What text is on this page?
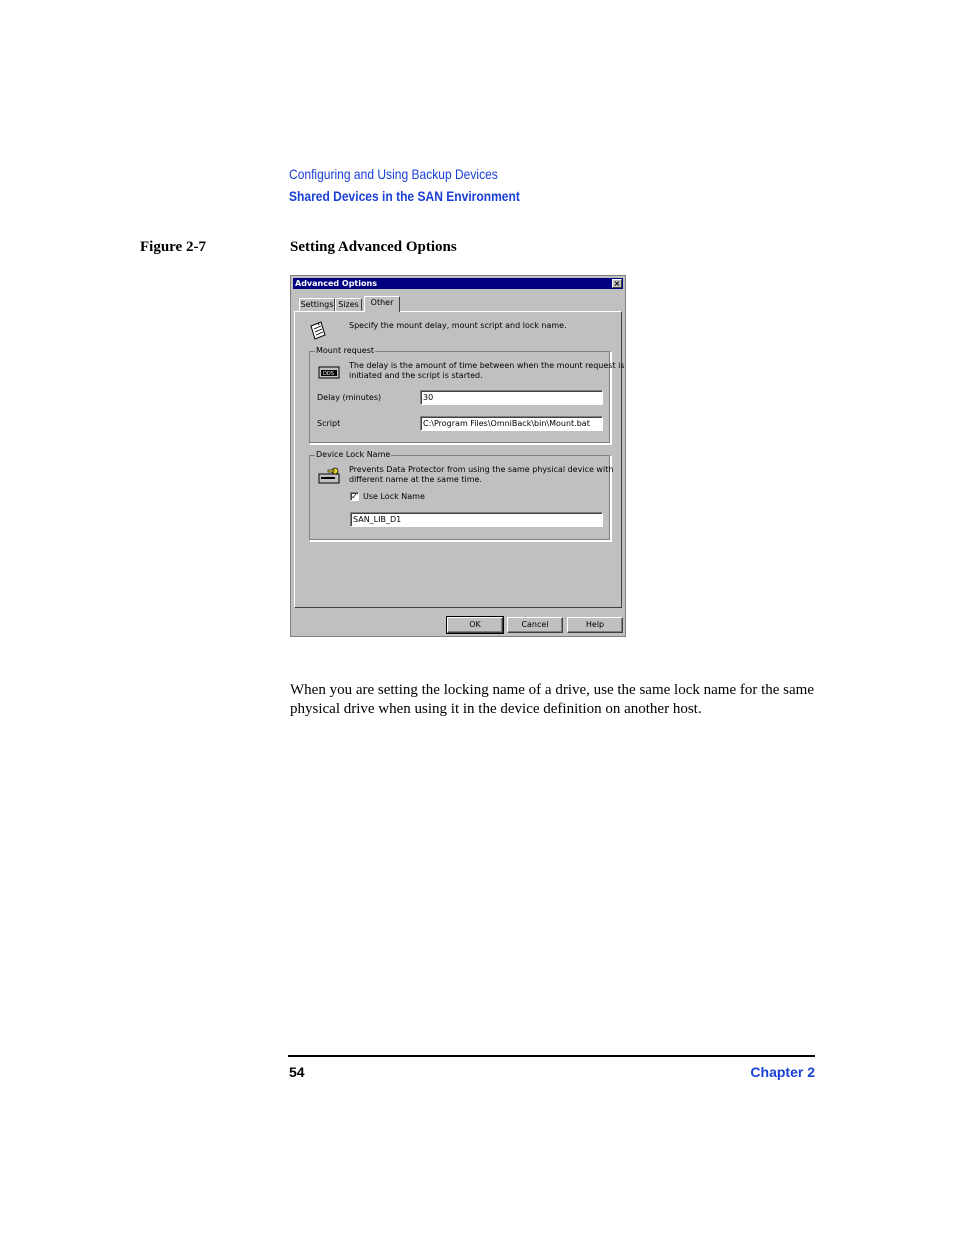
Configuring and Using Backup Devices
Shared Devices in the SAN Environment
Figure 2-7	Setting Advanced Options
Advanced Options	×
Settings Sizes	Other
Specify the mount delay, mount script and lock name.
Mount request
DDS
The delay is the amount of time between when the mount request is
initiated and the script is started.
Delay (minutes)	30
Script	C:\Program Files\OmniBack\bin\Mount.bat
Device Lock Name
Prevents Data Protector from using the same physical device with
different name at the same time.
✓ Use Lock Name
SAN_LIB_D1
OK	Cancel	Help
When you are setting the locking name of a drive, use the same lock name for the same physical drive when using it in the device definition on another host.
54	Chapter 2
